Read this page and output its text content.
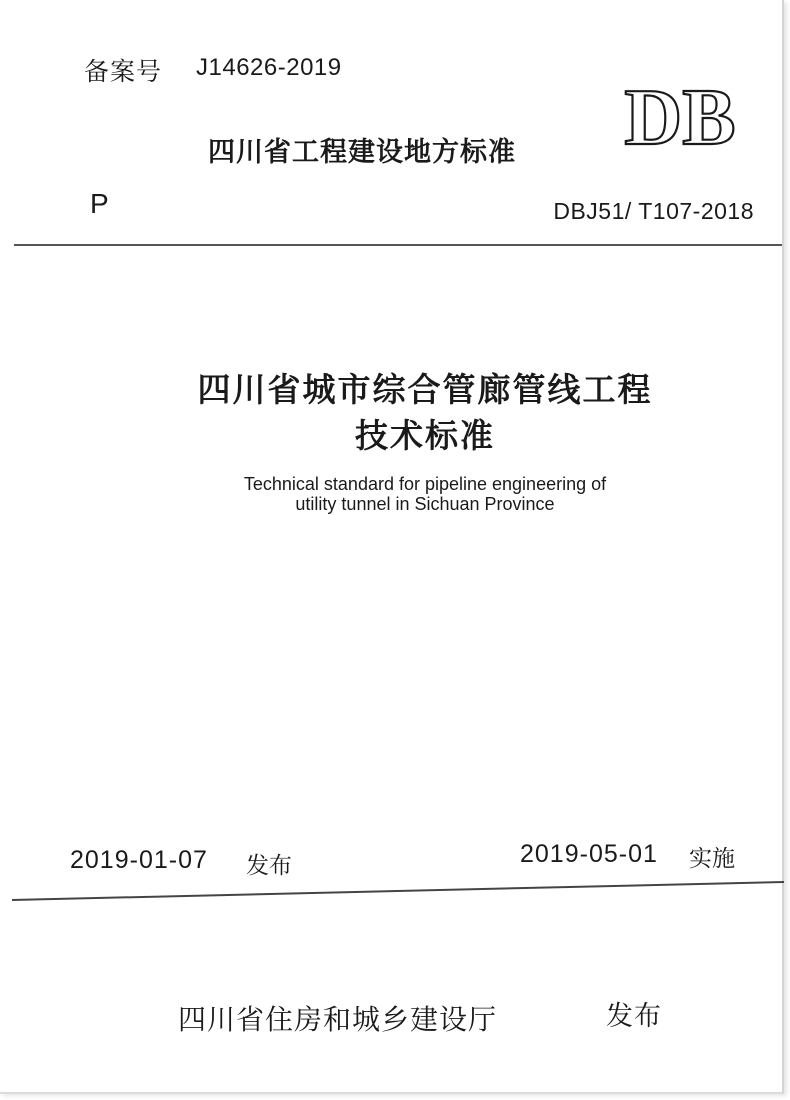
备案号 J14626-2019
四川省工程建设地方标准 DB
P	DBJ51/ T107-2018
四川省城市综合管廊管线工程
技术标准
Technical standard for pipeline engineering of
utility tunnel in Sichuan Province
2019-01-07 发布	2019-05-01 实施
四川省住房和城乡建设厅	发布
